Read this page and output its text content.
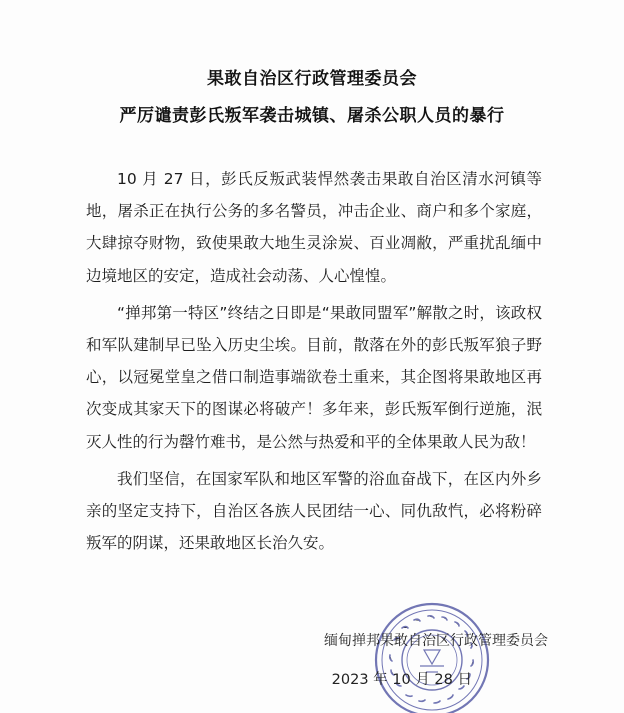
果敢自治区行政管理委员会
严厉谴责彭氏叛军袭击城镇、屠杀公职人员的暴行

10 月 27 日，彭氏反叛武装悍然袭击果敢自治区清水河镇等地，屠杀正在执行公务的多名警员，冲击企业、商户和多个家庭，大肆掠夺财物，致使果敢大地生灵涂炭、百业凋敝，严重扰乱缅中边境地区的安定，造成社会动荡、人心惶惶。

“掸邦第一特区”终结之日即是“果敢同盟军”解散之时，该政权和军队建制早已坠入历史尘埃。目前，散落在外的彭氏叛军狼子野心，以冠冕堂皇之借口制造事端欲卷土重来，其企图将果敢地区再次变成其家天下的图谋必将破产！多年来，彭氏叛军倒行逆施，泯灭人性的行为罄竹难书，是公然与热爱和平的全体果敢人民为敌！

我们坚信，在国家军队和地区军警的浴血奋战下，在区内外乡亲的坚定支持下，自治区各族人民团结一心、同仇敌忾，必将粉碎叛军的阴谋，还果敢地区长治久安。

缅甸掸邦果敢自治区行政管理委员会
2023 年 10 月 28 日
